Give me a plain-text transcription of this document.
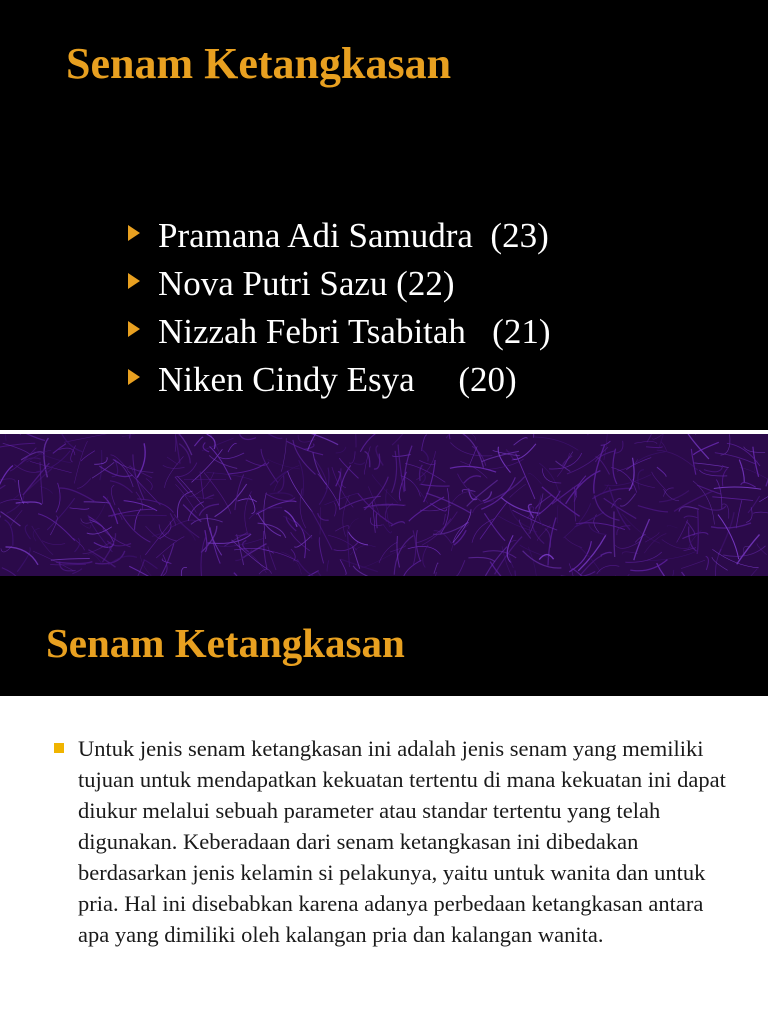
Senam Ketangkasan
Pramana Adi Samudra  (23)
Nova Putri Sazu (22)
Nizzah Febri Tsabitah   (21)
Niken Cindy Esya     (20)
Senam Ketangkasan

Untuk jenis senam ketangkasan ini adalah jenis senam yang memiliki tujuan untuk mendapatkan kekuatan tertentu di mana kekuatan ini dapat diukur melalui sebuah parameter atau standar tertentu yang telah digunakan. Keberadaan dari senam ketangkasan ini dibedakan berdasarkan jenis kelamin si pelakunya, yaitu untuk wanita dan untuk pria. Hal ini disebabkan karena adanya perbedaan ketangkasan antara apa yang dimiliki oleh kalangan pria dan kalangan wanita.
